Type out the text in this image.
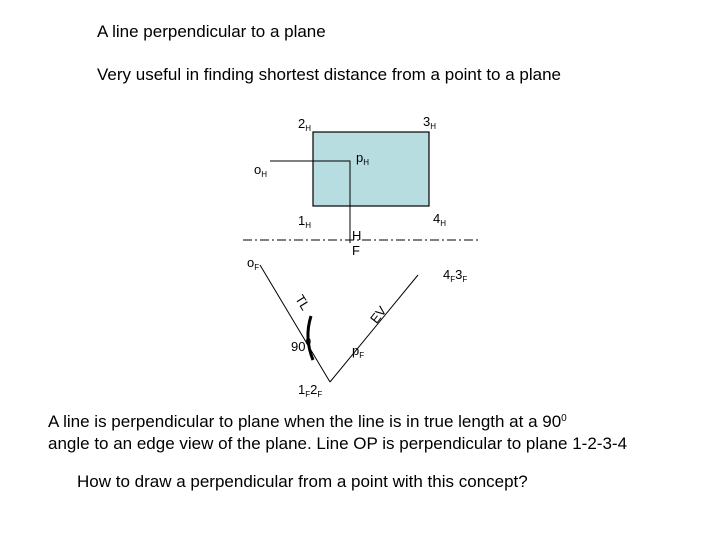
A line perpendicular to a plane
Very useful in finding shortest distance from a point to a plane
$2_H$	$3_H$
$p_H$
$o_H$
$1_H$	$4_H$
H
F
$o_F$	$4_F3_F$
TL
EV
$90^0$
$p_F$
$1_F2_F$
A line is perpendicular to plane when the line is in true length at a $90^0$
angle to an edge view of the plane. Line OP is perpendicular to plane 1-2-3-4
How to draw a perpendicular from a point with this concept?
